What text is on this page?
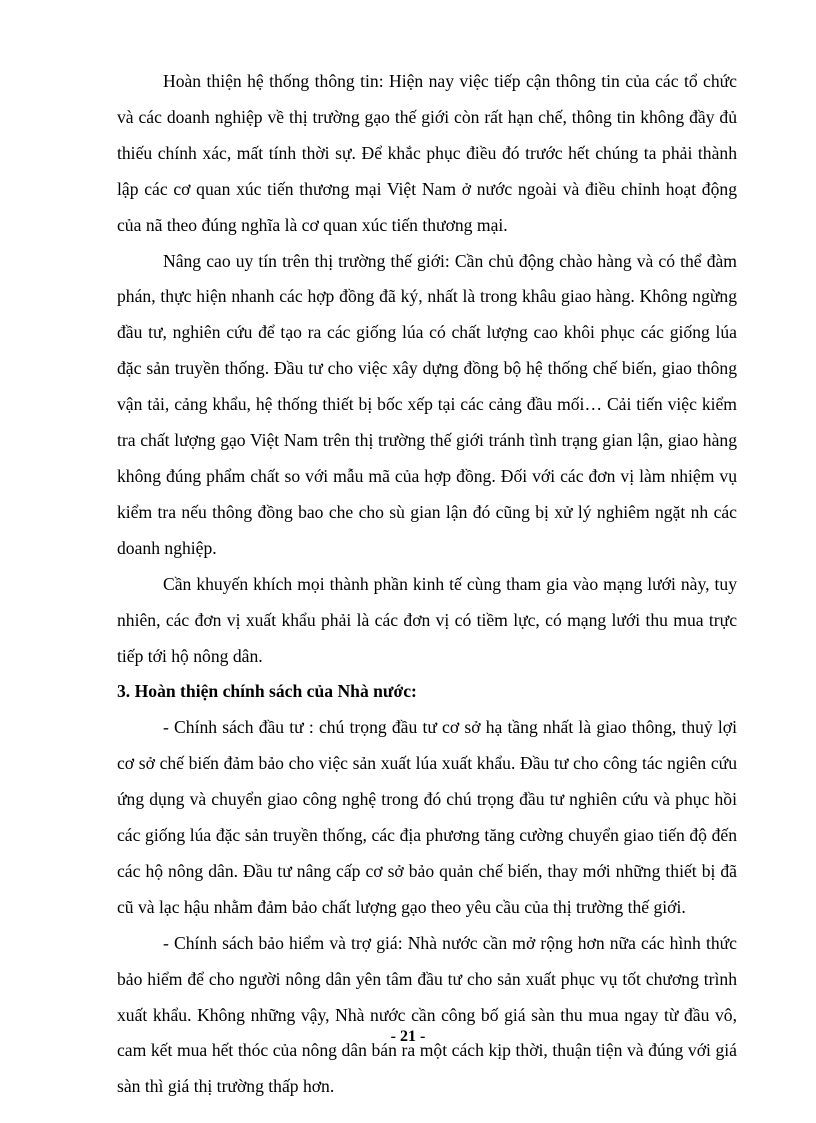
Hoàn thiện hệ thống thông tin: Hiện nay việc tiếp cận thông tin của các tổ chức và các doanh nghiệp về thị trường gạo thế giới còn rất hạn chế, thông tin không đầy đủ thiếu chính xác, mất tính thời sự. Để khắc phục điều đó trước hết chúng ta phải thành lập các cơ quan xúc tiến thương mại Việt Nam ở nước ngoài và điều chỉnh hoạt động của nã theo đúng nghĩa là cơ quan xúc tiến thương mại.

Nâng cao uy tín trên thị trường thế giới: Cần chủ động chào hàng và có thể đàm phán, thực hiện nhanh các hợp đồng đã ký, nhất là trong khâu giao hàng. Không ngừng đầu tư, nghiên cứu để tạo ra các giống lúa có chất lượng cao khôi phục các giống lúa đặc sản truyền thống. Đầu tư cho việc xây dựng đồng bộ hệ thống chế biến, giao thông vận tải, cảng khẩu, hệ thống thiết bị bốc xếp tại các cảng đầu mối… Cải tiến việc kiểm tra chất lượng gạo Việt Nam trên thị trường thế giới tránh tình trạng gian lận, giao hàng không đúng phẩm chất so với mẫu mã của hợp đồng. Đối với các đơn vị làm nhiệm vụ kiểm tra nếu thông đồng bao che cho sù gian lận đó cũng bị xử lý nghiêm ngặt nh các doanh nghiệp.

Cần khuyến khích mọi thành phần kinh tế cùng tham gia vào mạng lưới này, tuy nhiên, các đơn vị xuất khẩu phải là các đơn vị có tiềm lực, có mạng lưới thu mua trực tiếp tới hộ nông dân.

3. Hoàn thiện chính sách của Nhà nước:

- Chính sách đầu tư : chú trọng đầu tư cơ sở hạ tầng nhất là giao thông, thuỷ lợi cơ sở chế biến đảm bảo cho việc sản xuất lúa xuất khẩu. Đầu tư cho công tác ngiên cứu ứng dụng và chuyển giao công nghệ trong đó chú trọng đầu tư nghiên cứu và phục hồi các giống lúa đặc sản truyền thống, các địa phương tăng cường chuyển giao tiến độ đến các hộ nông dân. Đầu tư nâng cấp cơ sở bảo quản chế biến, thay mới những thiết bị đã cũ và lạc hậu nhằm đảm bảo chất lượng gạo theo yêu cầu của thị trường thế giới.

- Chính sách bảo hiểm và trợ giá: Nhà nước cần mở rộng hơn nữa các hình thức bảo hiểm để cho người nông dân yên tâm đầu tư cho sản xuất phục vụ tốt chương trình xuất khẩu. Không những vậy, Nhà nước cần công bố giá sàn thu mua ngay từ đầu vô, cam kết mua hết thóc của nông dân bán ra một cách kịp thời, thuận tiện và đúng với giá sàn thì giá thị trường thấp hơn.

- 21 -
